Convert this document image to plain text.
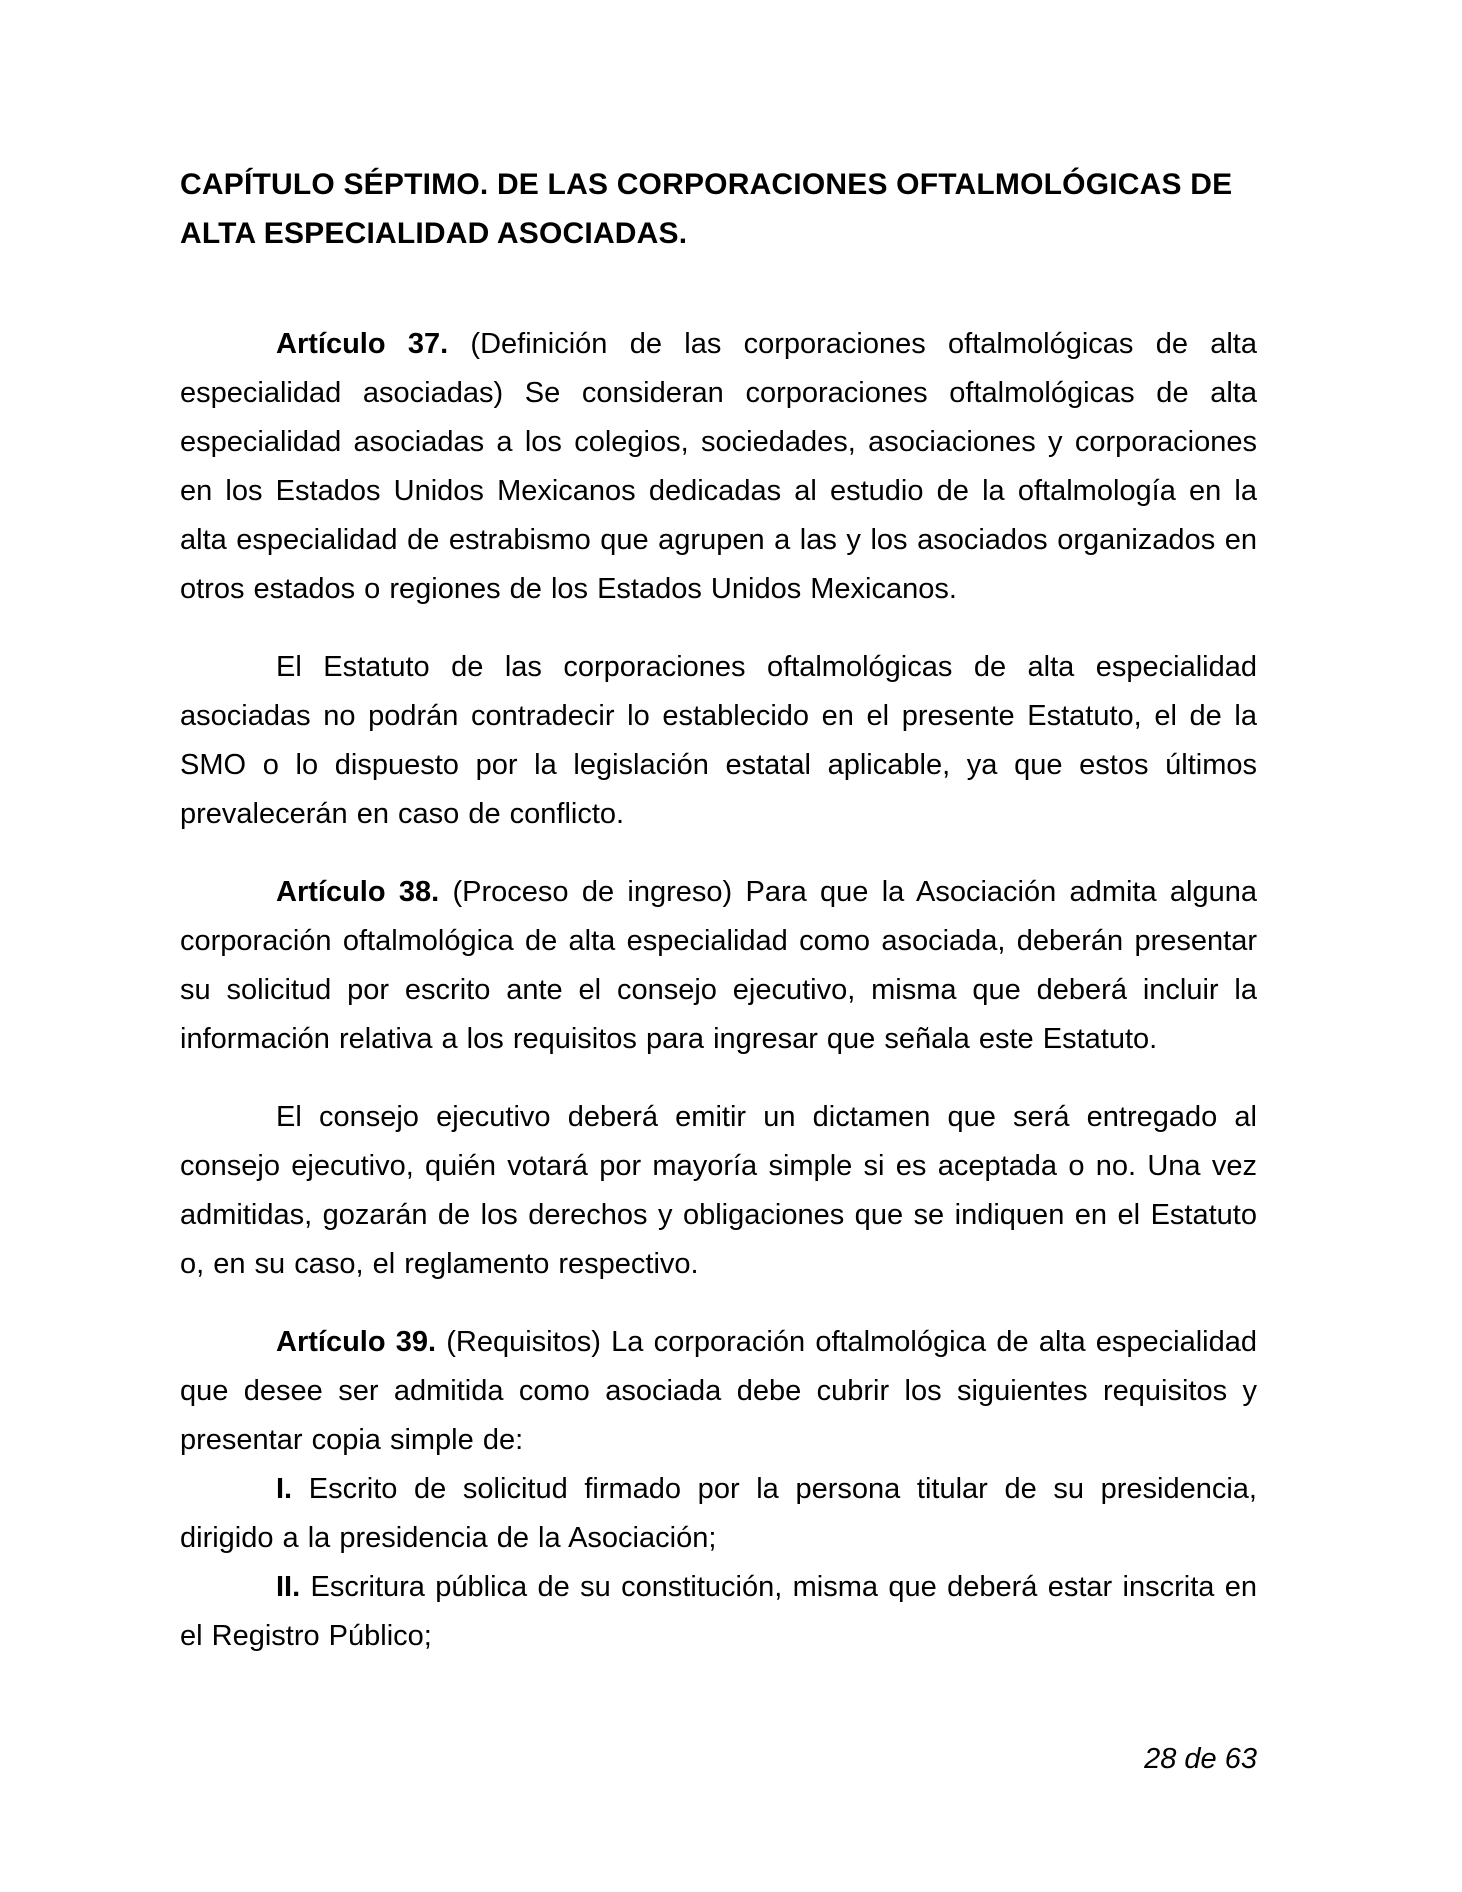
CAPÍTULO SÉPTIMO. DE LAS CORPORACIONES OFTALMOLÓGICAS DE
ALTA ESPECIALIDAD ASOCIADAS.

Artículo 37. (Definición de las corporaciones oftalmológicas de alta especialidad asociadas) Se consideran corporaciones oftalmológicas de alta especialidad asociadas a los colegios, sociedades, asociaciones y corporaciones en los Estados Unidos Mexicanos dedicadas al estudio de la oftalmología en la alta especialidad de estrabismo que agrupen a las y los asociados organizados en otros estados o regiones de los Estados Unidos Mexicanos.

El Estatuto de las corporaciones oftalmológicas de alta especialidad asociadas no podrán contradecir lo establecido en el presente Estatuto, el de la SMO o lo dispuesto por la legislación estatal aplicable, ya que estos últimos prevalecerán en caso de conflicto.

Artículo 38. (Proceso de ingreso) Para que la Asociación admita alguna corporación oftalmológica de alta especialidad como asociada, deberán presentar su solicitud por escrito ante el consejo ejecutivo, misma que deberá incluir la información relativa a los requisitos para ingresar que señala este Estatuto.

El consejo ejecutivo deberá emitir un dictamen que será entregado al consejo ejecutivo, quién votará por mayoría simple si es aceptada o no. Una vez admitidas, gozarán de los derechos y obligaciones que se indiquen en el Estatuto o, en su caso, el reglamento respectivo.

Artículo 39. (Requisitos) La corporación oftalmológica de alta especialidad que desee ser admitida como asociada debe cubrir los siguientes requisitos y presentar copia simple de:

I. Escrito de solicitud firmado por la persona titular de su presidencia, dirigido a la presidencia de la Asociación;

II. Escritura pública de su constitución, misma que deberá estar inscrita en el Registro Público;

28 de 63
